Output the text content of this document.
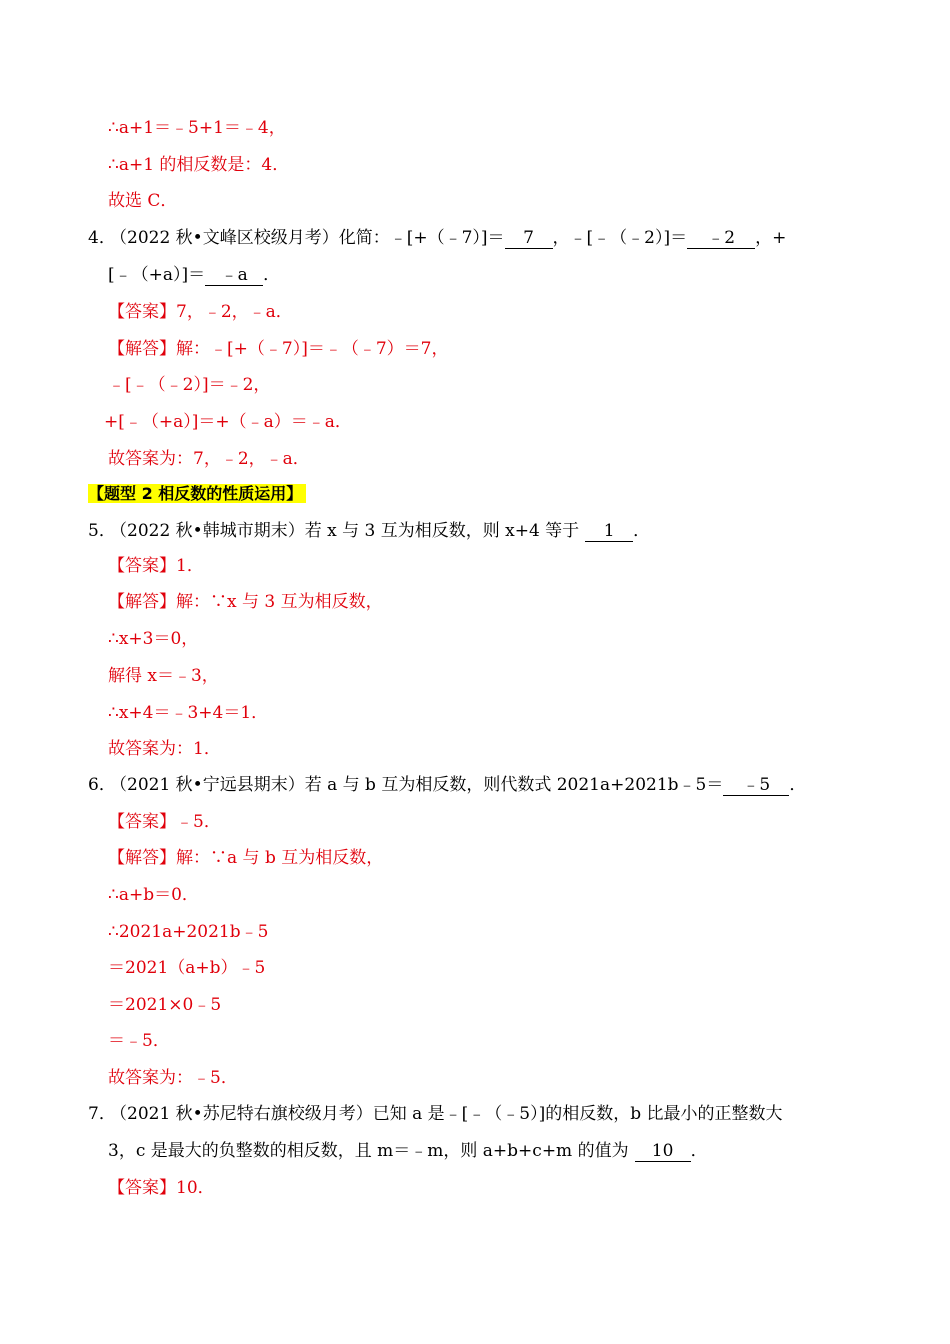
∴a+1＝﹣5+1＝﹣4，
∴a+1 的相反数是：4．
故选 C．
4．（2022 秋•文峰区校级月考）化简：﹣[+（﹣7）]＝ 7 ，﹣[﹣（﹣2）]＝ ﹣2 ，+
[﹣（+a）]＝ ﹣a ．
【答案】7，﹣2，﹣a．
【解答】解：﹣[+（﹣7）]＝﹣（﹣7）＝7，
﹣[﹣（﹣2）]＝﹣2，
+[﹣（+a）]＝+（﹣a）＝﹣a．
故答案为：7，﹣2，﹣a．
【题型 2 相反数的性质运用】
5．（2022 秋•韩城市期末）若 x 与 3 互为相反数，则 x+4 等于 1 ．
【答案】1．
【解答】解：∵x 与 3 互为相反数，
∴x+3＝0，
解得 x＝﹣3，
∴x+4＝﹣3+4＝1．
故答案为：1．
6．（2021 秋•宁远县期末）若 a 与 b 互为相反数，则代数式 2021a+2021b﹣5＝ ﹣5 ．
【答案】﹣5．
【解答】解：∵a 与 b 互为相反数，
∴a+b＝0．
∴2021a+2021b﹣5
＝2021（a+b）﹣5
＝2021×0﹣5
＝﹣5．
故答案为：﹣5．
7．（2021 秋•苏尼特右旗校级月考）已知 a 是﹣[﹣（﹣5）]的相反数，b 比最小的正整数大
3，c 是最大的负整数的相反数，且 m＝﹣m，则 a+b+c+m 的值为 10 ．
【答案】10．
